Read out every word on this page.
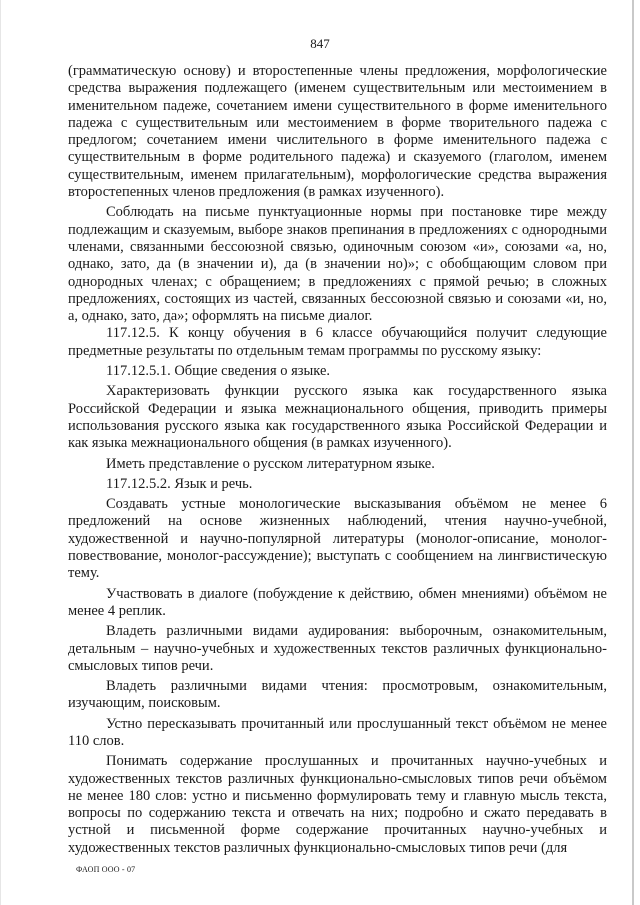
847

(грамматическую основу) и второстепенные члены предложения, морфологические средства выражения подлежащего (именем существительным или местоимением в именительном падеже, сочетанием имени существительного в форме именительного падежа с существительным или местоимением в форме творительного падежа с предлогом; сочетанием имени числительного в форме именительного падежа с существительным в форме родительного падежа) и сказуемого (глаголом, именем существительным, именем прилагательным), морфологические средства выражения второстепенных членов предложения (в рамках изученного).

Соблюдать на письме пунктуационные нормы при постановке тире между подлежащим и сказуемым, выборе знаков препинания в предложениях с однородными членами, связанными бессоюзной связью, одиночным союзом «и», союзами «а, но, однако, зато, да (в значении и), да (в значении но)»; с обобщающим словом при однородных членах; с обращением; в предложениях с прямой речью; в сложных предложениях, состоящих из частей, связанных бессоюзной связью и союзами «и, но, а, однако, зато, да»; оформлять на письме диалог.

117.12.5. К концу обучения в 6 классе обучающийся получит следующие предметные результаты по отдельным темам программы по русскому языку:

117.12.5.1. Общие сведения о языке.

Характеризовать функции русского языка как государственного языка Российской Федерации и языка межнационального общения, приводить примеры использования русского языка как государственного языка Российской Федерации и как языка межнационального общения (в рамках изученного).

Иметь представление о русском литературном языке.

117.12.5.2. Язык и речь.

Создавать устные монологические высказывания объёмом не менее 6 предложений на основе жизненных наблюдений, чтения научно-учебной, художественной и научно-популярной литературы (монолог-описание, монолог-повествование, монолог-рассуждение); выступать с сообщением на лингвистическую тему.

Участвовать в диалоге (побуждение к действию, обмен мнениями) объёмом не менее 4 реплик.

Владеть различными видами аудирования: выборочным, ознакомительным, детальным – научно-учебных и художественных текстов различных функционально-смысловых типов речи.

Владеть различными видами чтения: просмотровым, ознакомительным, изучающим, поисковым.

Устно пересказывать прочитанный или прослушанный текст объёмом не менее 110 слов.

Понимать содержание прослушанных и прочитанных научно-учебных и художественных текстов различных функционально-смысловых типов речи объёмом не менее 180 слов: устно и письменно формулировать тему и главную мысль текста, вопросы по содержанию текста и отвечать на них; подробно и сжато передавать в устной и письменной форме содержание прочитанных научно-учебных и художественных текстов различных функционально-смысловых типов речи (для

ФАОП ООО - 07
